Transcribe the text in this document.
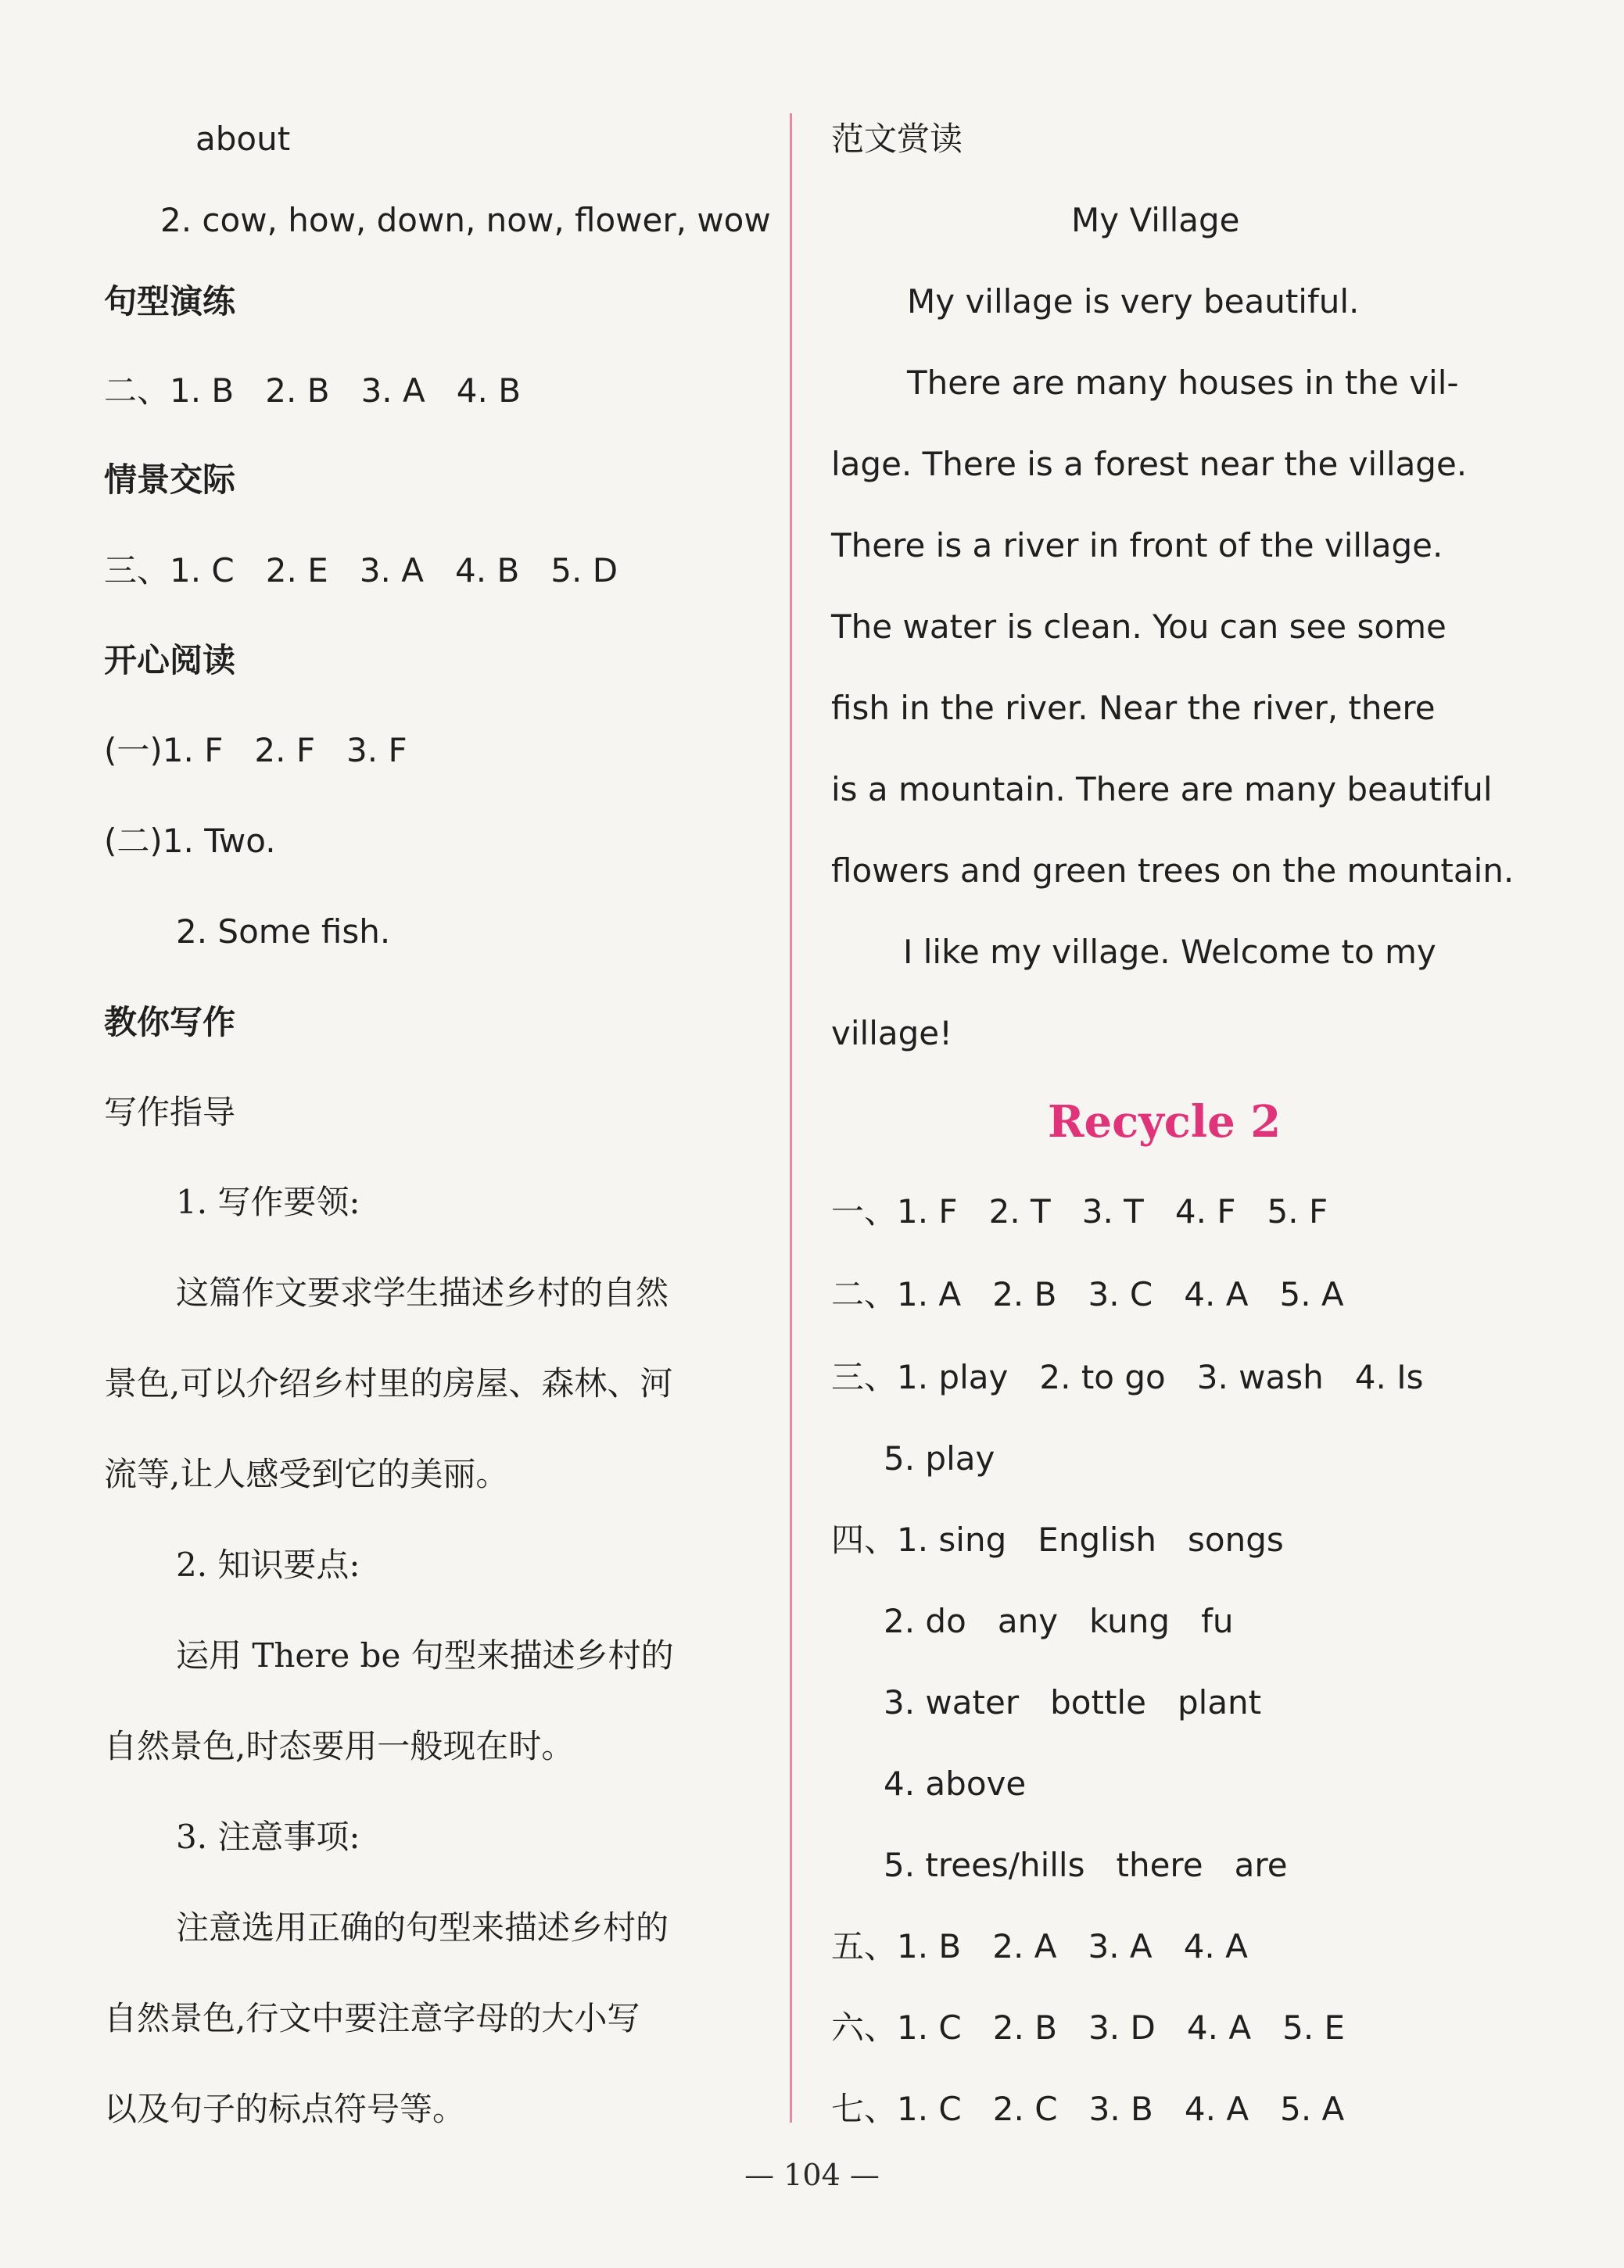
about
2. cow, how, down, now, flower, wow
句型演练
二、1. B   2. B   3. A   4. B
情景交际
三、1. C   2. E   3. A   4. B   5. D
开心阅读
(一)1. F   2. F   3. F
(二)1. Two.
2. Some fish.
教你写作
写作指导
1. 写作要领:
这篇作文要求学生描述乡村的自然
景色,可以介绍乡村里的房屋、森林、河
流等,让人感受到它的美丽。
2. 知识要点:
运用 There be 句型来描述乡村的
自然景色,时态要用一般现在时。
3. 注意事项:
注意选用正确的句型来描述乡村的
自然景色,行文中要注意字母的大小写
以及句子的标点符号等。
范文赏读
My Village
My village is very beautiful.
There are many houses in the vil-
lage. There is a forest near the village.
There is a river in front of the village.
The water is clean. You can see some
fish in the river. Near the river, there
is a mountain. There are many beautiful
flowers and green trees on the mountain.
I like my village. Welcome to my
village!
Recycle 2
一、1. F   2. T   3. T   4. F   5. F
二、1. A   2. B   3. C   4. A   5. A
三、1. play   2. to go   3. wash   4. Is
5. play
四、1. sing   English   songs
2. do   any   kung   fu
3. water   bottle   plant
4. above
5. trees/hills   there   are
五、1. B   2. A   3. A   4. A
六、1. C   2. B   3. D   4. A   5. E
七、1. C   2. C   3. B   4. A   5. A
— 104 —
